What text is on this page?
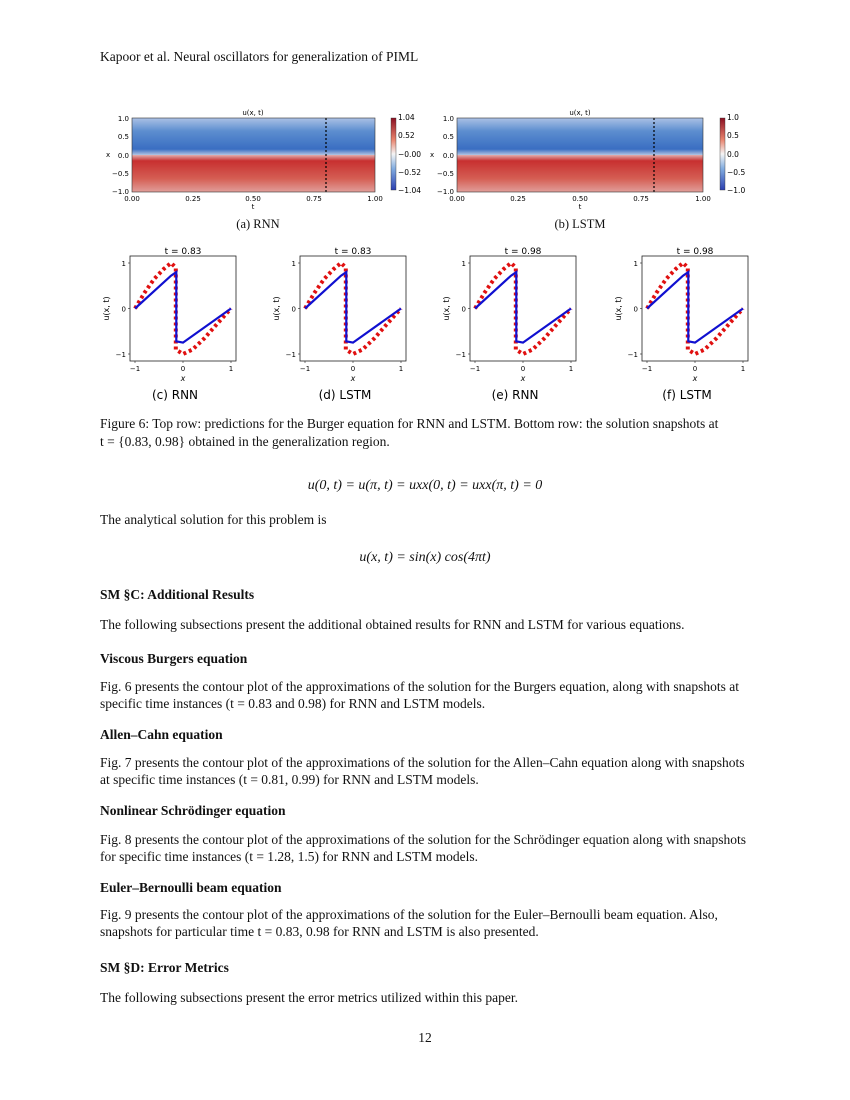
Kapoor et al. Neural oscillators for generalization of PIML
u(x, t)
1.0
0.5
0.0
−0.5
−1.0
x
0.00	0.25	0.50	0.75	1.00
t
1.04
0.52
−0.00
−0.52
−1.04
u(x, t)
1.0
0.5
0.0
−0.5
−1.0
x
0.00	0.25	0.50	0.75	1.00
t
1.0
0.5
0.0
−0.5
−1.0
(a) RNN	(b) LSTM
t = 0.83
1
0
−1
−1	0	1
x
u(x, t)
(c) RNN
t = 0.83
1
0
−1
−1	0	1
x
u(x, t)
(d) LSTM
t = 0.98
1
0
−1
−1	0	1
x
u(x, t)
(e) RNN
t = 0.98
1
0
−1
−1	0	1
x
u(x, t)
(f) LSTM
Figure 6: Top row: predictions for the Burger equation for RNN and LSTM. Bottom row: the solution snapshots at
t = {0.83, 0.98} obtained in the generalization region.
u(0, t) = u(π, t) = uxx(0, t) = uxx(π, t) = 0
The analytical solution for this problem is
u(x, t) = sin(x) cos(4πt)
SM §C: Additional Results
The following subsections present the additional obtained results for RNN and LSTM for various equations.
Viscous Burgers equation
Fig. 6 presents the contour plot of the approximations of the solution for the Burgers equation, along with snapshots at specific time instances (t = 0.83 and 0.98) for RNN and LSTM models.
Allen–Cahn equation
Fig. 7 presents the contour plot of the approximations of the solution for the Allen–Cahn equation along with snapshots at specific time instances (t = 0.81, 0.99) for RNN and LSTM models.
Nonlinear Schrödinger equation
Fig. 8 presents the contour plot of the approximations of the solution for the Schrödinger equation along with snapshots for specific time instances (t = 1.28, 1.5) for RNN and LSTM models.
Euler–Bernoulli beam equation
Fig. 9 presents the contour plot of the approximations of the solution for the Euler–Bernoulli beam equation. Also, snapshots for particular time t = 0.83, 0.98 for RNN and LSTM is also presented.
SM §D: Error Metrics
The following subsections present the error metrics utilized within this paper.
12
